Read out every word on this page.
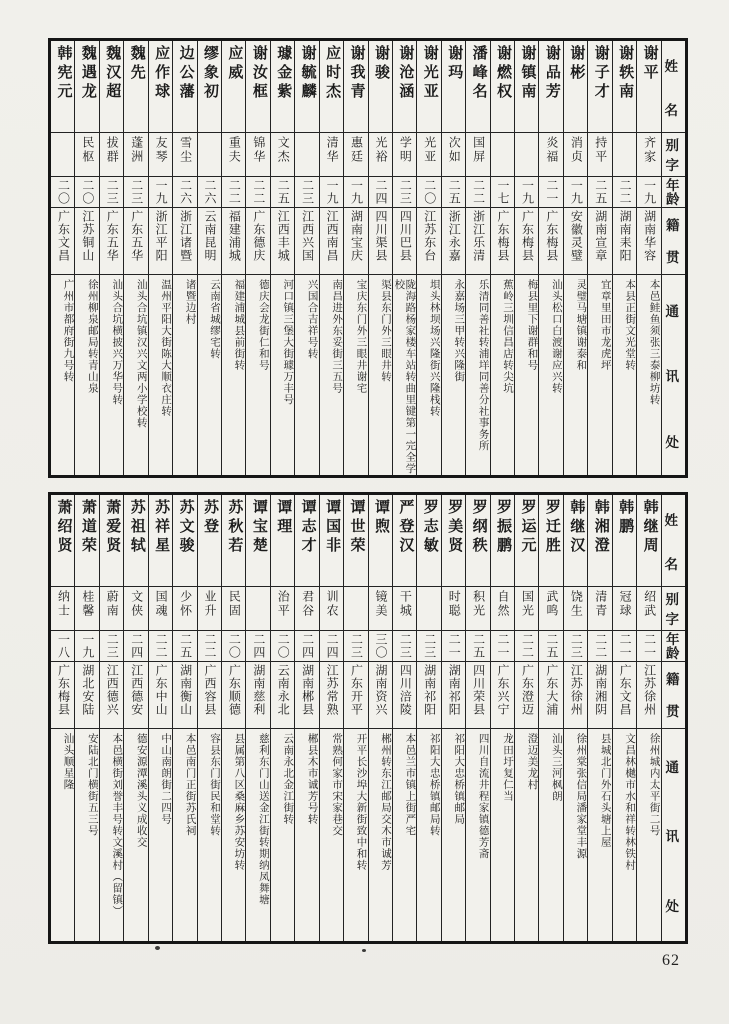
姓
名
别
字
年
龄
籍
贯
通
讯
处
谢平
齐家
一九
湖南华容
本邑鲑鱼须张三泰柳坊转
谢轶南
二二
湖南耒阳
本县正街文光堂转
谢子才
持平
二五
湖南宣章
宜章里田市龙虎坪
谢彬
消贞
一九
安徽灵璧
灵璧马塘镇谢泰和
谢品芳
炎福
二一
广东梅县
汕头松口白渡谢应兴转
谢镇南
一九
广东梅县
梅县里下谢群和号
谢燃权
一七
广东梅县
蕉岭三圳信昌店转尖坑
潘峰名
国屏
二二
浙江乐清
乐清同善社转浦垟同善分社事务所
谢玛
次如
二五
浙江永嘉
永嘉场三甲转兴隆街
谢光亚
光亚
二〇
江苏东台
垻头林坝场兴隆街兴隆栈转
谢沧涵
学明
二三
四川巴县
陇海路杨家楼车站转曲里键第一完全学校
谢骏
光裕
二四
四川渠县
渠县东门外三眼井转
谢我青
惠廷
一九
湖南宝庆
宝庆东门外三眼井谢宅
应时杰
清华
一九
江西南昌
南昌进外东妥街三五号
谢毓麟
二三
江西兴国
兴国合吉祥号转
璩金紫
文杰
二五
江西丰城
河口镇三堡大街璩万丰号
谢汝框
锦华
二二
广东德庆
德庆会龙街仁和号
应威
重夫
二二
福建浦城
福建浦城县前街转
缪象初
二六
云南昆明
云南省城缪宅转
边公藩
雪尘
二六
浙江诸暨
诸暨边村
应作球
友琴
一九
浙江平阳
温州平阳大街陈大顺衣庄转
魏先
蓬洲
二三
广东五华
汕头合坑镇汉兴文两小学校转
魏汉超
拔群
二三
广东五华
汕头合坑横披兴万华号转
魏遇龙
民枢
二〇
江苏铜山
徐州柳泉邮局转青山泉
韩宪元
二〇
广东文昌
广州市都府街九号转
姓
名
别
字
年
龄
籍
贯
通
讯
处
韩继周
绍武
二一
江苏徐州
徐州城内太平街二号
韩鹏
冠球
二一
广东文昌
文昌林樾市水和祥转林铁村
韩湘澄
清青
二二
湖南湘阴
县城北门外石头塘上屋
韩继汉
饶生
二三
江苏徐州
徐州棠张信局潘家堂丰源
罗迁胜
武鸣
二五
广东大浦
汕头三河枫朗
罗运元
国光
二二
广东澄迈
澄迈美龙村
罗振鹏
自然
二一
广东兴宁
龙田圩复仁当
罗纲秩
积光
二五
四川荣县
四川自流井程家镇德芳斋
罗美贤
时聪
二一
湖南祁阳
祁阳大忠桥镇邮局
罗志敏
二三
湖南祁阳
祁阳大忠桥镇邮局转
严登汉
干城
二三
四川涪陵
本邑兰市镇上街严宅
谭煦
镜美
三〇
湖南资兴
郴州转东江邮局交木市诚芳
谭世荣
二三
广东开平
开平长沙埠大新街致中和转
谭国非
训农
二四
江苏常熟
常熟何家市宋家巷交
谭志才
君谷
二四
湖南郴县
郴县木市诚芳号转
谭理
治平
二〇
云南永北
云南永北金江街转
谭宝楚
二四
湖南慈利
慈利东门山送金江街转期纳凤舞塘
苏秋若
民固
二〇
广东顺德
县属第八区桑麻乡苏安坊转
苏登
业升
二二
广西容县
容县东门街民和堂转
苏文骏
少怀
二五
湖南衡山
本邑南门正街苏氏祠
苏祥星
国魂
二二
广东中山
中山南朗街二四号
苏祖轼
文侠
二四
江西德安
德安源潭溪头义成收交
萧爱贤
蔚南
二三
江西德兴
本邑横街刘誉丰号转文溪村（留镇）
萧道荣
桂馨
一九
湖北安陆
安陆北门横街五三号
萧绍贤
纳士
一八
广东梅县
汕头顺星隆
62
